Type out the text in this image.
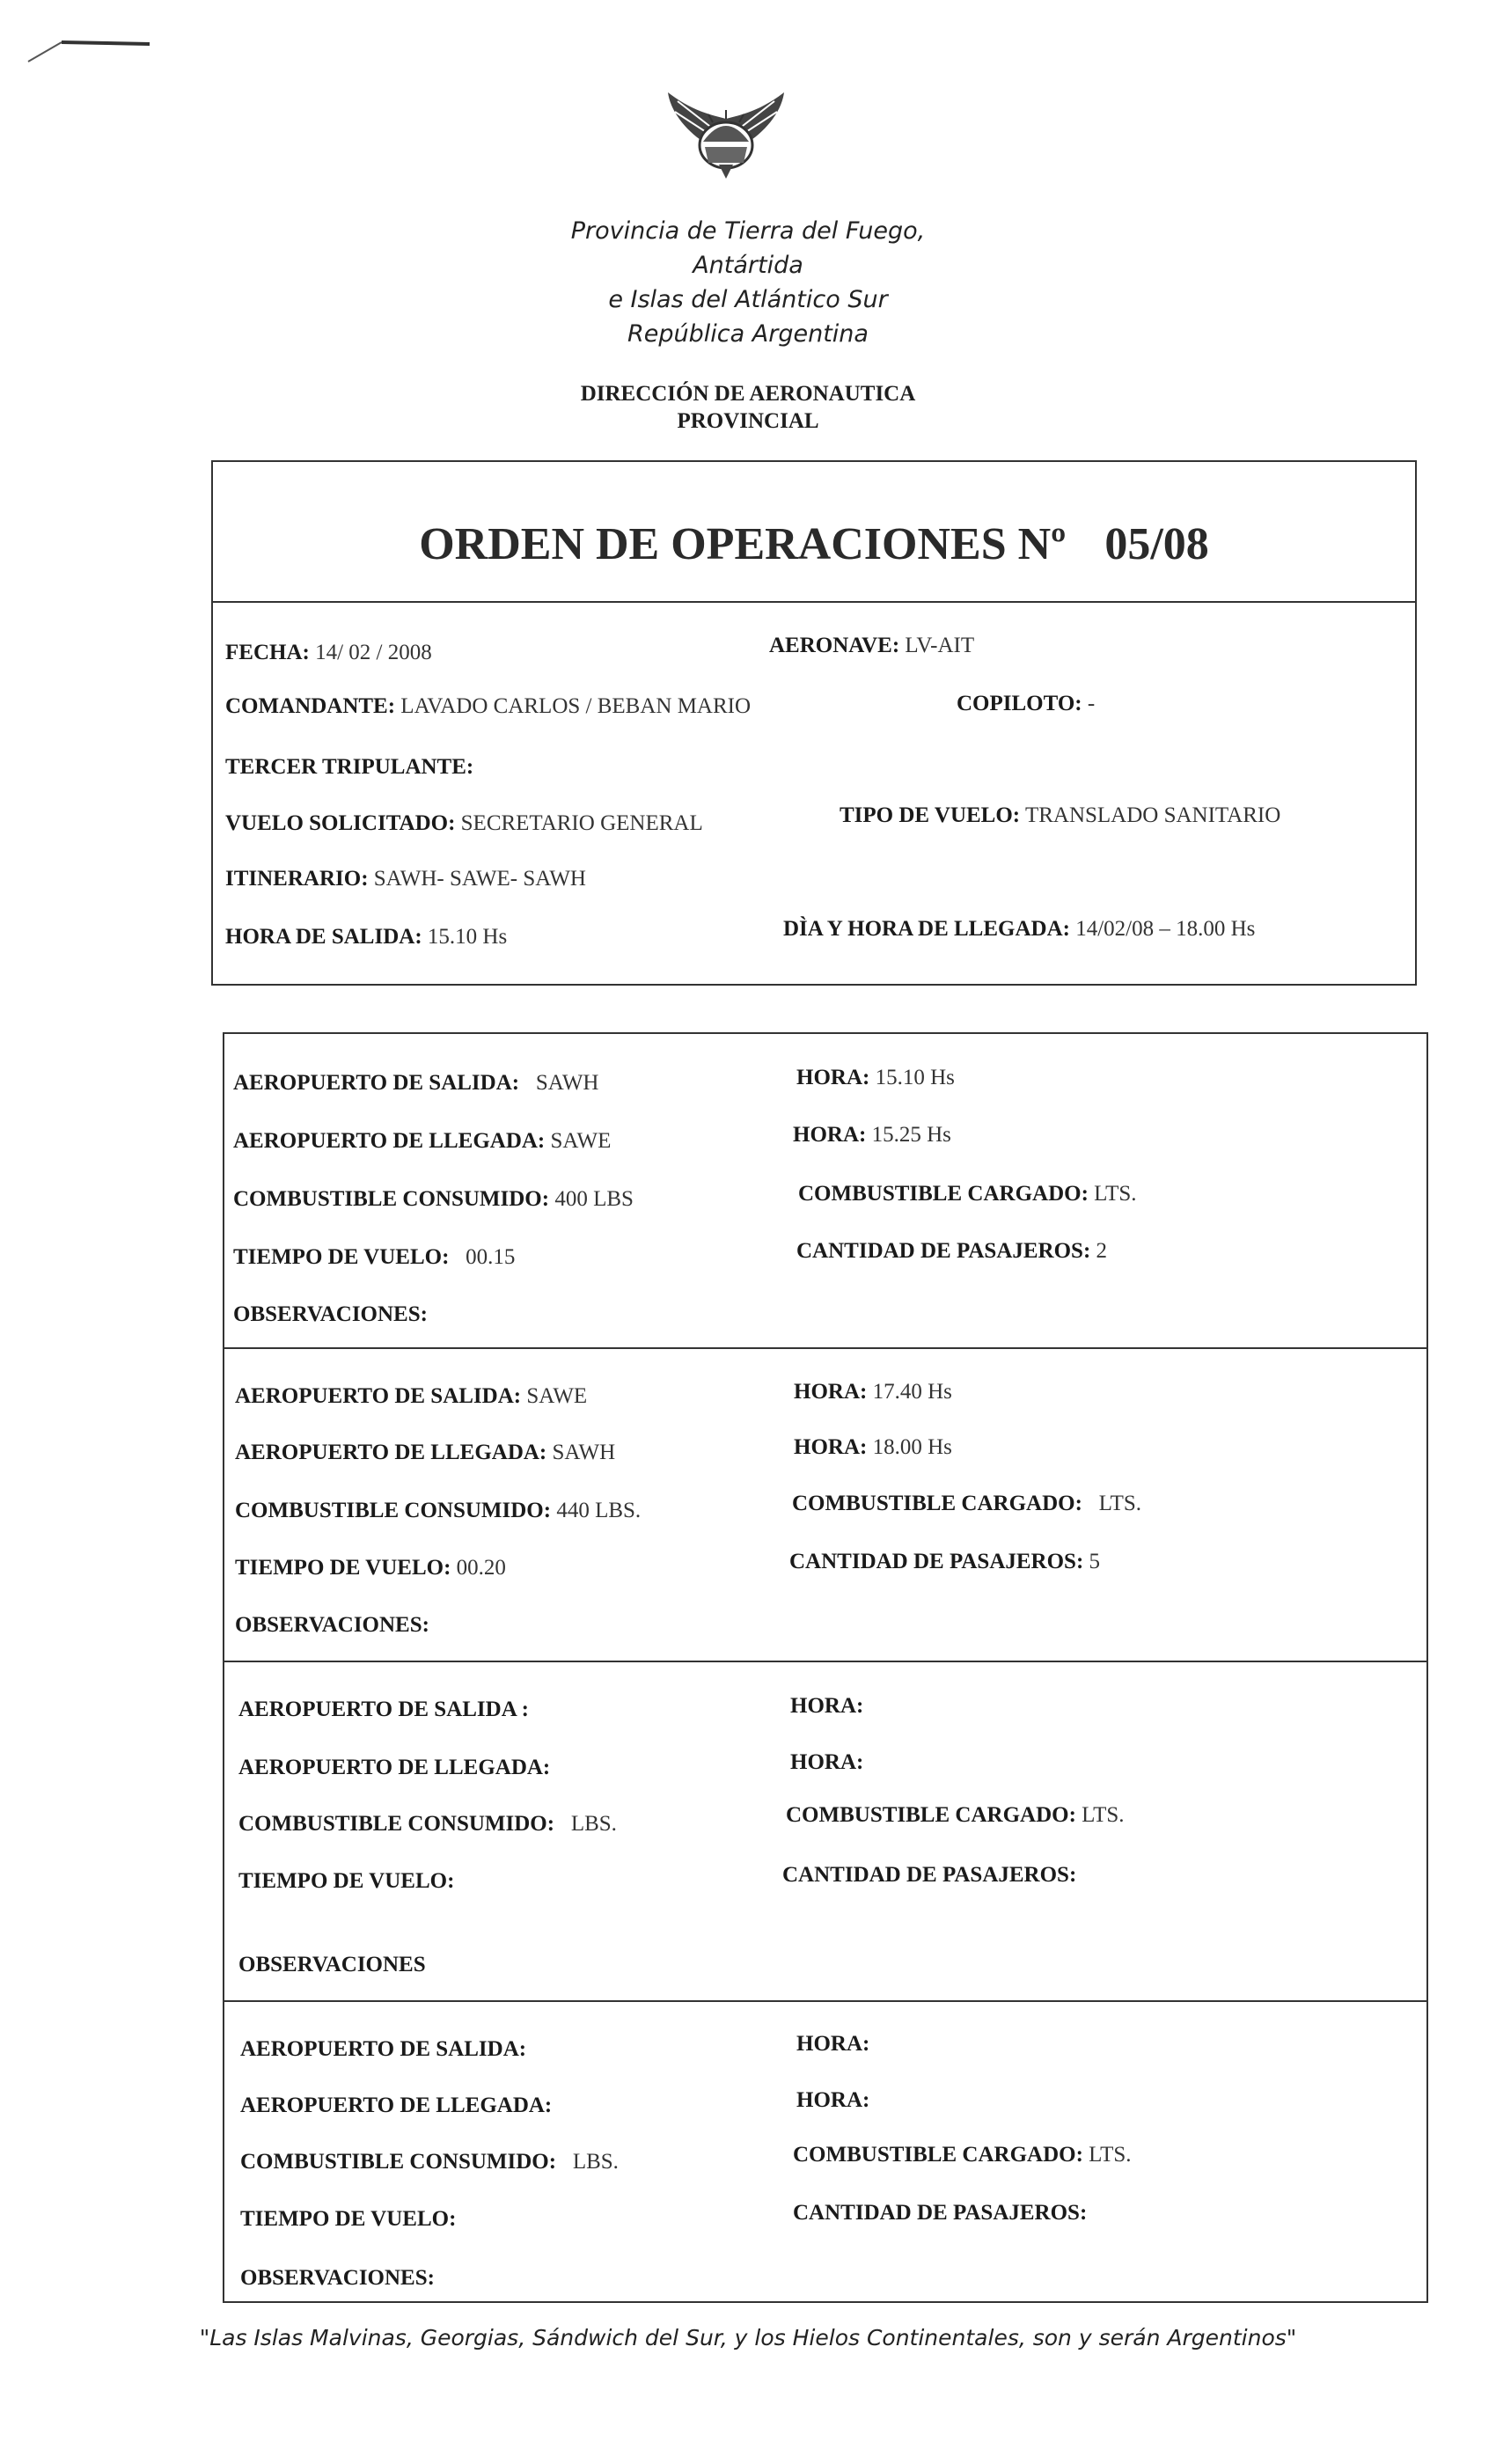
Provincia de Tierra del Fuego,
Antártida
e Islas del Atlántico Sur
República Argentina
DIRECCIÓN DE AERONAUTICA
PROVINCIAL
ORDEN DE OPERACIONES Nº 05/08
FECHA: 14/ 02 / 2008	AERONAVE: LV-AIT
COMANDANTE: LAVADO CARLOS / BEBAN MARIO	COPILOTO: -
TERCER TRIPULANTE:
VUELO SOLICITADO: SECRETARIO GENERAL	TIPO DE VUELO: TRANSLADO SANITARIO
ITINERARIO: SAWH- SAWE- SAWH
HORA DE SALIDA: 15.10 Hs	DÌA Y HORA DE LLEGADA: 14/02/08 – 18.00 Hs
AEROPUERTO DE SALIDA: SAWH	HORA: 15.10 Hs
AEROPUERTO DE LLEGADA: SAWE	HORA: 15.25 Hs
COMBUSTIBLE CONSUMIDO: 400 LBS	COMBUSTIBLE CARGADO: LTS.
TIEMPO DE VUELO: 00.15	CANTIDAD DE PASAJEROS: 2
OBSERVACIONES:
AEROPUERTO DE SALIDA: SAWE	HORA: 17.40 Hs
AEROPUERTO DE LLEGADA: SAWH	HORA: 18.00 Hs
COMBUSTIBLE CONSUMIDO: 440 LBS.	COMBUSTIBLE CARGADO: LTS.
TIEMPO DE VUELO: 00.20	CANTIDAD DE PASAJEROS: 5
OBSERVACIONES:
AEROPUERTO DE SALIDA :	HORA:
AEROPUERTO DE LLEGADA:	HORA:
COMBUSTIBLE CONSUMIDO: LBS.	COMBUSTIBLE CARGADO: LTS.
TIEMPO DE VUELO:	CANTIDAD DE PASAJEROS:
OBSERVACIONES
AEROPUERTO DE SALIDA:	HORA:
AEROPUERTO DE LLEGADA:	HORA:
COMBUSTIBLE CONSUMIDO: LBS.	COMBUSTIBLE CARGADO: LTS.
TIEMPO DE VUELO:	CANTIDAD DE PASAJEROS:
OBSERVACIONES:
"Las Islas Malvinas, Georgias, Sándwich del Sur, y los Hielos Continentales, son y serán Argentinos"
